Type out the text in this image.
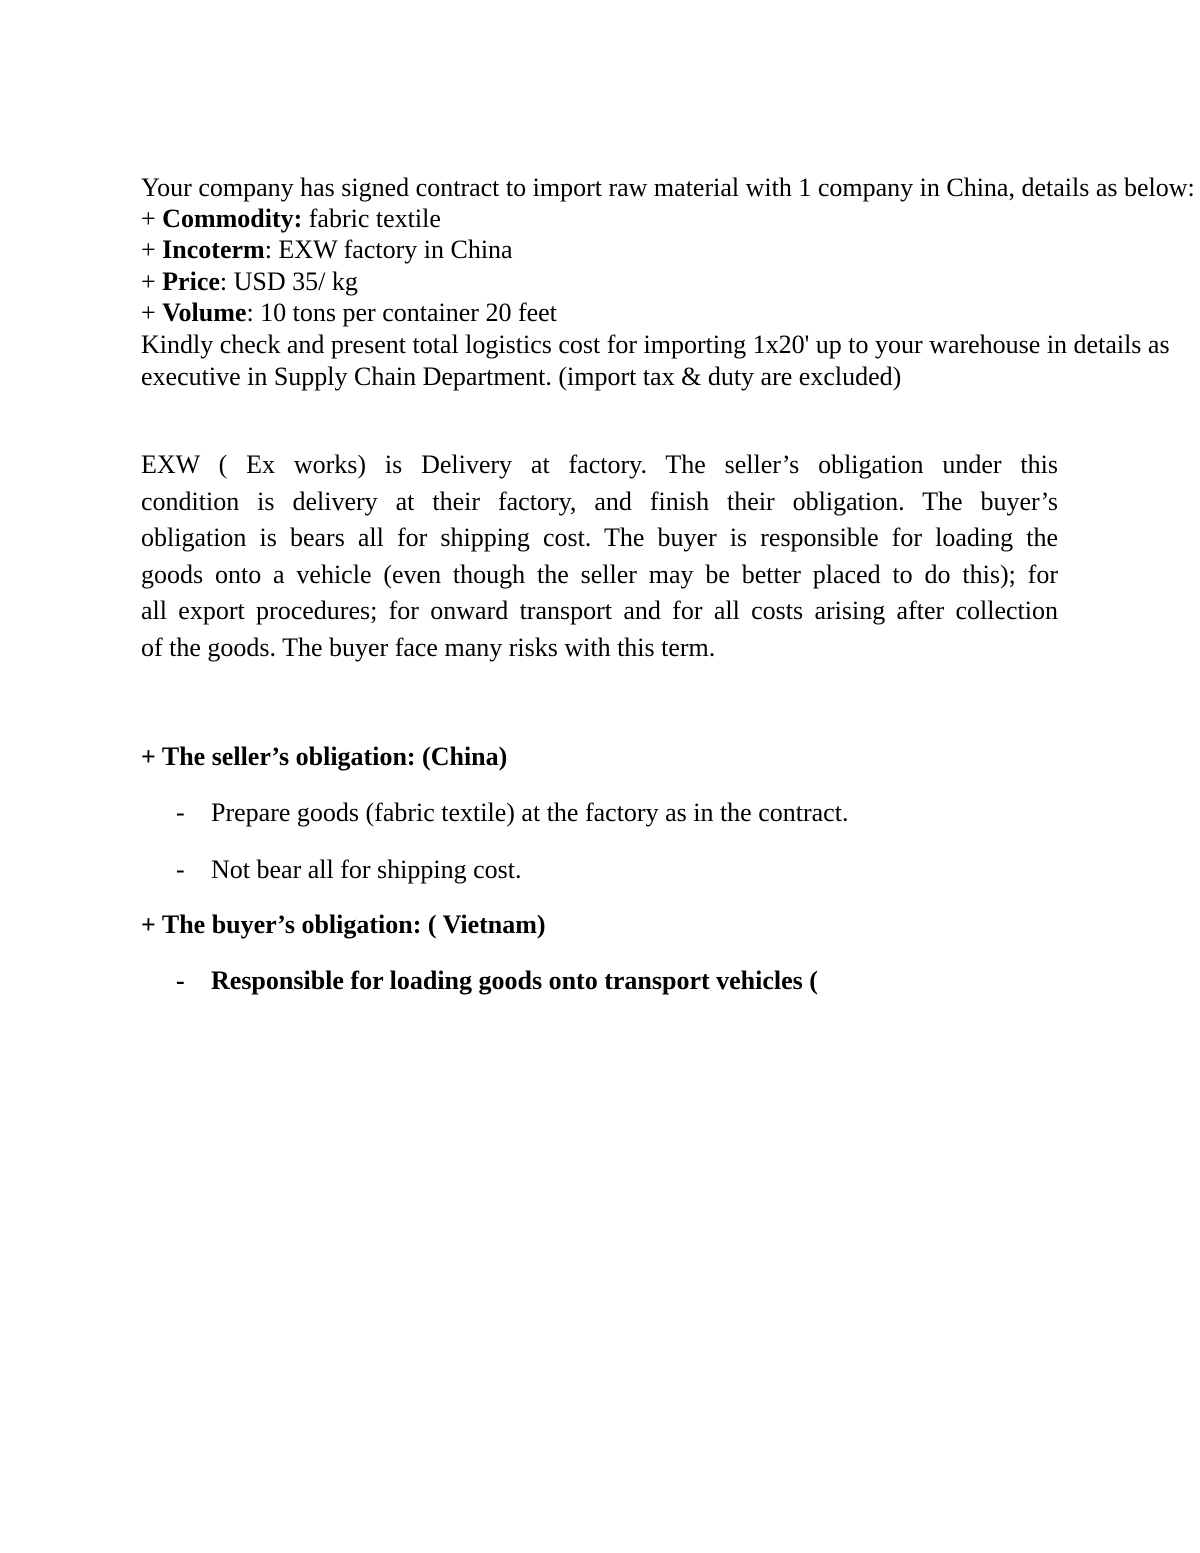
Your company has signed contract to import raw material with 1 company in China, details as below:
+ Commodity: fabric textile
+ Incoterm: EXW factory in China
+ Price: USD 35/ kg
+ Volume: 10 tons per container 20 feet
Kindly check and present total logistics cost for importing 1x20' up to your warehouse in details as
executive in Supply Chain Department. (import tax & duty are excluded)
EXW ( Ex works) is Delivery at factory. The seller’s obligation under this
condition is delivery at their factory, and finish their obligation. The buyer’s
obligation is bears all for shipping cost. The buyer is responsible for loading the
goods onto a vehicle (even though the seller may be better placed to do this); for
all export procedures; for onward transport and for all costs arising after collection
of the goods. The buyer face many risks with this term.
+ The seller’s obligation: (China)
- Prepare goods (fabric textile) at the factory as in the contract.
- Not bear all for shipping cost.
+ The buyer’s obligation: ( Vietnam)
- Responsible for loading goods onto transport vehicles (
